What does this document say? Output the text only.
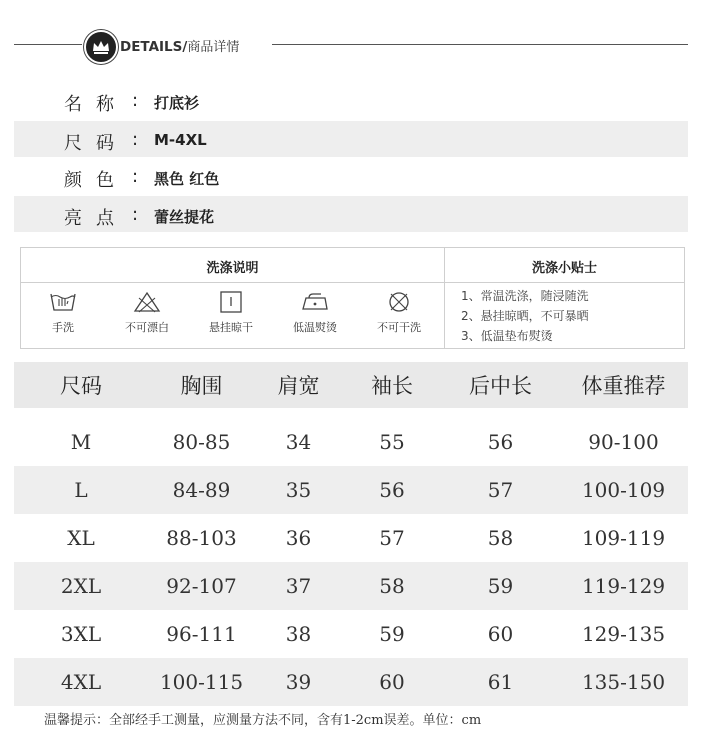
DETAILS/商品详情
名称 : 打底衫
尺码 : M-4XL
颜色 : 黑色 红色
亮点 : 蕾丝提花
洗涤说明	洗涤小贴士
手洗	不可漂白	悬挂晾干	低温熨烫	不可干洗
1、常温洗涤，随浸随洗
2、悬挂晾晒，不可暴晒
3、低温垫布熨烫
尺码	胸围	肩宽	袖长	后中长	体重推荐

M	80-85	34	55	56	90-100
L	84-89	35	56	57	100-109
XL	88-103	36	57	58	109-119
2XL	92-107	37	58	59	119-129
3XL	96-111	38	59	60	129-135
4XL	100-115	39	60	61	135-150
温馨提示：全部经手工测量，应测量方法不同，含有1-2cm误差。单位：cm
